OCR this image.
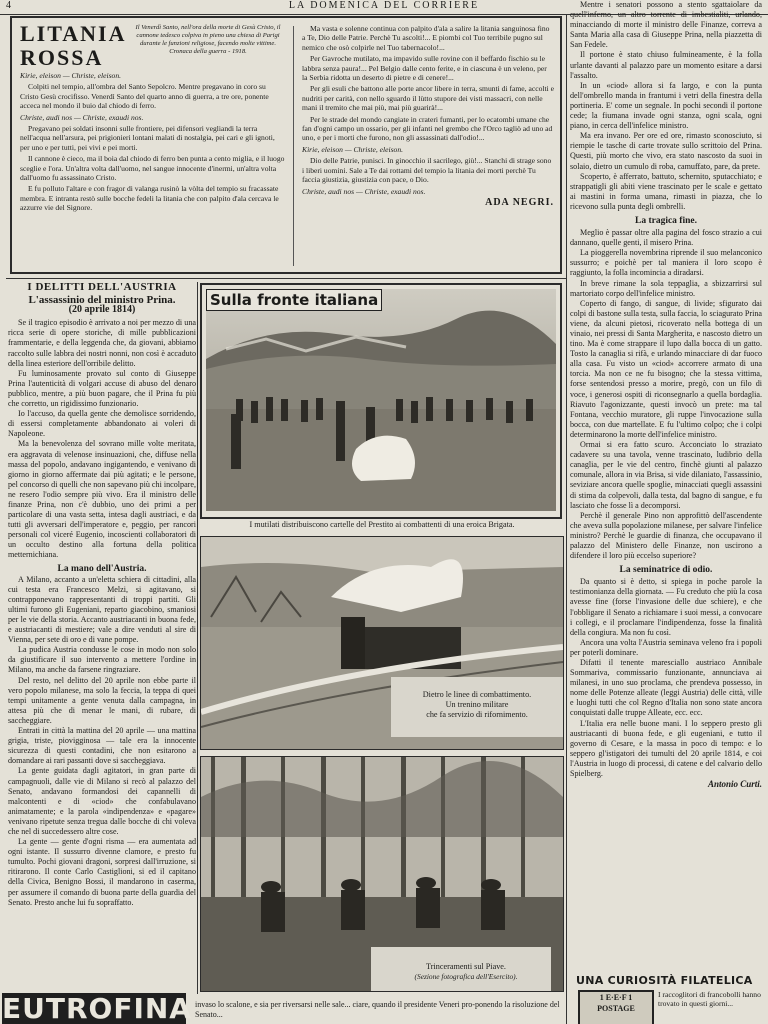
4	LA DOMENICA DEL CORRIERE
LITANIA ROSSA
Il Venerdì Santo, nell'ora della morte di Gesù Cristo, il cannone tedesco colpiva in pieno una chiesa di Parigi durante le funzioni religiose, facendo molte vittime. Cronaca della guerra - 1918.
Kirie, eleison — Christe, eleison.
Colpiti nel tempio, all'ombra del Santo Sepolcro. Mentre pregavano in coro su Cristo Gesù crocifisso. Venerdì Santo del quarto anno di guerra, a tre ore, ponente acceca nel mondo il buio dal chiodo di ferro.
Christe, audi nos — Christe, exaudi nos.
Pregavano pei soldati insonni sulle frontiere, pei difensori vegliandi la terra nell'acqua nell'arsura, pei prigionieri lontani malati di nostalgia, pei cari e gli ignoti, per uno e per tutti, pei vivi e pei morti.
Il cannone è cieco, ma il boia dal chiodo di ferro ben punta a cento miglia, e il luogo sceglie e l'ora. Un'altra volta dall'uomo, nel sangue innocente d'inermi, un'altra volta dall'uomo fu assassinato Cristo.
E fu polluto l'altare e con fragor di valanga rusinò la vòlta del tempio su fracassate membra. E intranta restò sulle bocche fedeli la litania che con palpito d'ala cercava le azzurre vie del Signore.
Ma vasta e solenne continua con palpito d'ala a salire la litania sanguinosa fino a Te, Dio delle Patrie. Perchè Tu ascolti!... E piombi col Tuo terribile pugno sul nemico che osò colpirle nel Tuo tabernacolo!...
Per Gavroche mutilato, ma impavido sulle rovine con il beffardo fischio su le labbra senza paura!... Pel Belgio dalle cento ferite, e in ciascuna è un veleno, per la Serbia ridotta un deserto di pietre e di cenere!...
Per gli esuli che battono alle porte ancor libere in terra, smunti di fame, accolti e nudriti per carità, con nello sguardo il lùtto stupore dei visti massacri, con nelle mani il tremito che mai più, mai più guarirà!...
Per le strade del mondo cangiate in crateri fumanti, per lo ecatombi umane che fan d'ogni campo un ossario, per gli infanti nel grembo che l'Orco tagliò ad uno ad uno, e per i morti che furono, non gli assassinati dall'odio!...
Kirie, eleison — Christe, eleison.
Dio delle Patrie, punisci. In ginocchio il sacrilego, giù!... Stanchi di strage sono i liberi uomini. Sale a Te dai rottami del tempio la litania dei morti perchè Tu faccia giustizia, giustizia con pace, o Dio.
Christe, audi nos — Christe, exaudi nos.
ADA NEGRI.
I DELITTI DELL'AUSTRIA
L'assassinio del ministro Prina.
(20 aprile 1814)

Se il tragico episodio è arrivato a noi per mezzo di una ricca serie di opere storiche, di mille pubblicazioni frammentarie, e della leggenda che, da giovani, abbiamo raccolto sulle labbra dei nostri nonni, non così è accaduto della linea esteriore dell'orribile delitto.

Fu luminosamente provato sul conto di Giuseppe Prina l'autenticità di volgari accuse di abuso del denaro pubblico, mentre, a più buon pagare, che il Prina fu più che corretto, un rigidissimo funzionario.

Io l'accuso, da quella gente che demolisce sorridendo, di essersi completamente abbandonato ai voleri di Napoleone.

Ma la benevolenza del sovrano mille volte meritata, era aggravata di velenose insinuazioni, che, diffuse nella massa del popolo, andavano ingigantendo, e venivano di giorno in giorno affermate dai più agitati; e le persone, pel concorso di quelli che non sapevano più chi incolpare, ne resero l'odio sempre più vivo. Era il ministro delle finanze Prina, non c'è dubbio, uno dei primi a per particolare di una vasta setta, intesa dagli austriaci, e da tutti gli avversari dell'imperatore e, peggio, per rancori personali col viceré Eugenio, incoscienti collaboratori di un occulto destino alla fortuna della politica metternichiana.

La mano dell'Austria.

A Milano, accanto a un'eletta schiera di cittadini, alla cui testa era Francesco Melzi, si agitavano, si contrapponevano rappresentanti di troppi partiti. Gli ultimi furono gli Eugeniani, reparto giacobino, smaniosi per le vie della storia. Accanto austriacanti in buona fede, e austriacanti di mestiere; vale a dire venduti al sire di Vienna, per sete di oro e di vane pompe.

La pudica Austria condusse le cose in modo non solo da giustificare il suo intervento a mettere l'ordine in Milano, ma anche da farsene ringraziare.

Del resto, nel delitto del 20 aprile non ebbe parte il vero popolo milanese, ma solo la feccia, la teppa di quei tempi unitamente a gente venuta dalla campagna, in attesa più che di menar le mani, di rubare, di saccheggiare.

Entrati in città la mattina del 20 aprile — una mattina grigia, triste, piovigginosa — tale era la innocente sicurezza di questi contadini, che non esitarono a domandare ai rari passanti dove si saccheggiava.

La gente guidata dagli agitatori, in gran parte di campagnuoli, dalle vie di Milano si recò al palazzo del Senato, andavano formandosi dei capannelli di malcontenti e di «ciod» che confabulavano animatamente; e la parola «indipendenza» e «pagare» venivano ripetute senza tregua dalle bocche di chi voleva che nel di succedessero altre cose.

La gente — gente d'ogni risma — era aumentata ad ogni istante. Il sussurro divenne clamore, e presto fu tumulto. Pochi giovani dragoni, sorpresi dall'irruzione, si ritirarono. Il conte Carlo Castiglioni, si ed il capitano della Civica, Benigno Bossi, il mandarono in caserma, per assumere il comando di buona parte della guardia del Senato. Presto anche lui fu sopraffatto.

Mentre i senatori possono a stento sgattaiolare da quell'inferno, un altro torrente di imbestialiti, urlando, minacciando di morte il ministro delle Finanze, correva a Santa Maria alla casa di Giuseppe Prina, nella piazzetta di San Fedele.

Il portone è stato chiuso fulmineamente, è la folla urlante davanti al palazzo pare un momento esitare a darsi l'assalto.

In un «ciod» allora si fa largo, e con la punta dell'ombrello manda in frantumi i vetri della finestra della portineria. E' come un segnale. In pochi secondi il portone cede; la fiumana invade ogni stanza, ogni scala, ogni piano, in cerca dell'infelice ministro.

Ma era invano. Per ore ed ore, rimasto sconosciuto, si riempie le tasche di carte trovate sullo scrittoio del Prina. Questi, più morto che vivo, era stato nascosto da suoi in solaio, dietro un cumulo di roba, camuffato, pare, da prete.

Scoperto, è afferrato, battuto, schernito, sputacchiato; e strappatigli gli abiti viene trascinato per le scale e gettato ai mastini in forma umana, rimasti in piazza, che lo ricevono sulla punta degli ombrelli.

La tragica fine.

Meglio è passar oltre alla pagina del fosco strazio a cui dannano, quelle genti, il misero Prina.

La pioggerella novembrina riprende il suo melanconico sussurro; e poichè per tal maniera il loro scopo è raggiunto, la folla incomincia a diradarsi.

In breve rimane la sola teppaglia, a sbizzarrirsi sul martoriato corpo dell'infelice ministro.

Coperto di fango, di sangue, di livide; sfigurato dai colpi di bastone sulla testa, sulla faccia, lo sciagurato Prina viene, da alcuni pietosi, ricoverato nella bottega di un vinaio, nei pressi di Santa Margherita, e nascosto dietro un tino. Ma è come strappare il lupo dalla bocca di un gatto. Tosto la canaglia si rifà, e urlando minacciare di dar fuoco alla casa. Fu visto un «ciod» accorrere armato di una torcia. Ma non ce ne fu bisogno; che la stessa vittima, forse sentendosi presso a morire, pregò, con un filo di voce, i generosi ospiti di riconsegnarlo a quella bordaglia. Riavuto l'agonizzante, questi invocò un prete: ma tal Fontana, vecchio muratore, gli ruppe l'invocazione sulla bocca, con due martellate. E fu l'ultimo colpo; che i colpi determinarono la morte dell'infelice ministro.

Ormai si era fatto scuro. Acconciato lo straziato cadavere su una tavola, venne trascinato, ludibrio della canaglia, per le vie del centro, finchè giunti al palazzo comunale, allora in via Brisa, si vide dilaniato, l'assassinio, seviziare ancora quelle spoglie, minacciati quegli assassini di stima da colpevoli, dalla testa, dal bagno di sangue, e fu lasciato che fosse lì a decomporsi.

Perchè il generale Pino non approfittò dell'ascendente che aveva sulla popolazione milanese, per salvare l'infelice ministro? Perchè le guardie di finanza, che occupavano il palazzo del Ministero delle Finanze, non uscirono a difendere il loro più eccelso superiore?

La seminatrice di odio.

Da quanto si è detto, si spiega in poche parole la testimonianza della giornata. — Fu creduto che più la cosa avesse fine (forse l'invasione delle due schiere), e che l'obbligare il Senato a richiamare i suoi messi, a convocare i collegi, e il proclamare l'indipendenza, fosse la finalità della congiura. Ma non fu così.

Ancora una volta l'Austria seminava veleno fra i popoli per poterli dominare.

Difatti il tenente maresciallo austriaco Annibale Sommariva, commissario funzionante, annunciava ai milanesi, in uno suo proclama, che prendeva possesso, in nome delle Potenze alleate (leggi Austria) delle città, ville e luoghi tutti che col Regno d'Italia non sono state ancora conquistati dalle truppe Alleate, ecc. ecc.

L'Italia era nelle buone mani. I lo seppero presto gli austriacanti di buona fede, e gli eugeniani, e tutto il governo di Cesare, e la massa in poco di tempo: e lo seppero gl'istigatori dei tumulti del 20 aprile 1814, e coi l'Austria in luogo di processi, di catene e del calvario dello Spielberg.

Antonio Curti.
Sulla fronte italiana
I mutilati distribuiscono cartelle del Prestito ai combattenti di una eroica Brigata.
Dietro le linee di combattimento.
Un trenino militare
che fa servizio di rifornimento.
Trinceramenti sul Piave.
(Sezione fotografica dell'Esercito).
EUTROFINA invaso lo scalone, e sia per riversarsi nelle sale... ciare, quando il presidente Veneri pro-ponendo la risoluzione del Senato...
UNA CURIOSITÀ FILATELICA
1 E·E·F 1 POSTAGE
I raccoglitori di francobolli hanno trovato in questi giorni...
